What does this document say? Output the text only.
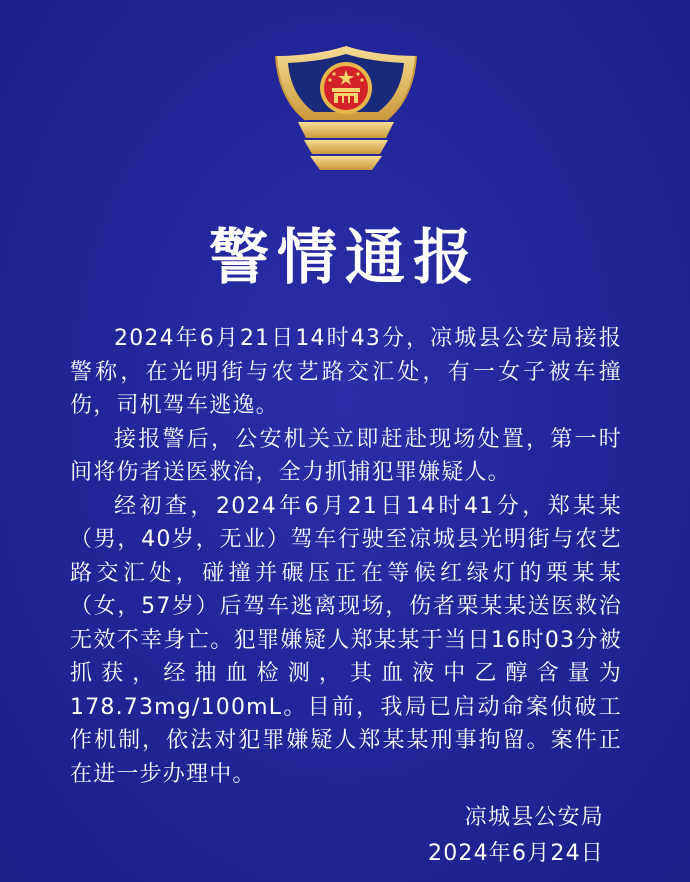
警情通报

2024年6月21日14时43分，凉城县公安局接报警称，在光明街与农艺路交汇处，有一女子被车撞伤，司机驾车逃逸。

接报警后，公安机关立即赶赴现场处置，第一时间将伤者送医救治，全力抓捕犯罪嫌疑人。

经初查，2024年6月21日14时41分，郑某某（男，40岁，无业）驾车行驶至凉城县光明街与农艺路交汇处，碰撞并碾压正在等候红绿灯的栗某某（女，57岁）后驾车逃离现场，伤者栗某某送医救治无效不幸身亡。犯罪嫌疑人郑某某于当日16时03分被抓获，经抽血检测，其血液中乙醇含量为178.73mg/100mL。目前，我局已启动命案侦破工作机制，依法对犯罪嫌疑人郑某某刑事拘留。案件正在进一步办理中。

凉城县公安局
2024年6月24日
